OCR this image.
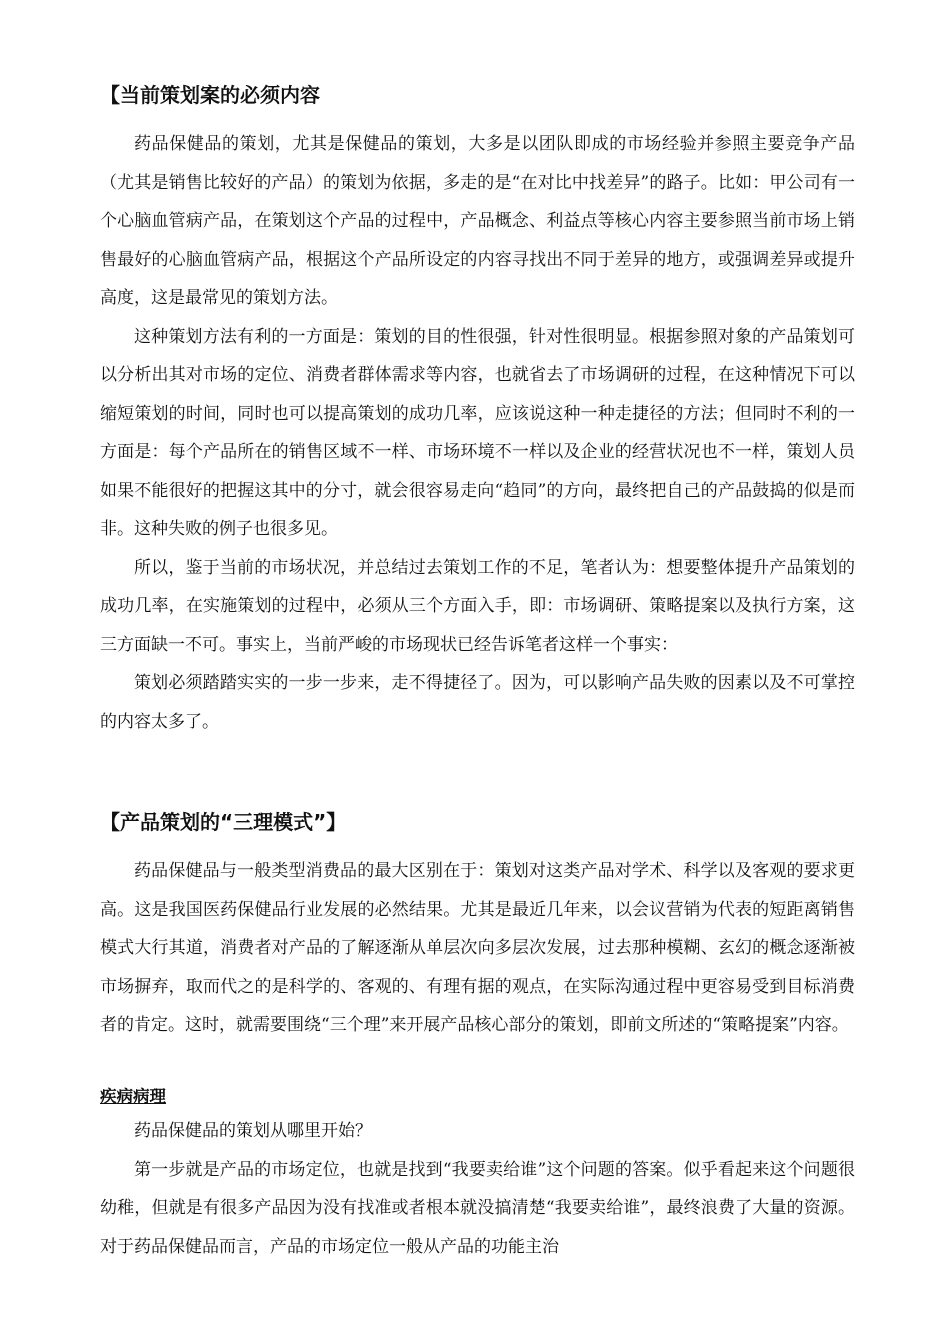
【当前策划案的必须内容

药品保健品的策划，尤其是保健品的策划，大多是以团队即成的市场经验并参照主要竞争产品（尤其是销售比较好的产品）的策划为依据，多走的是“在对比中找差异”的路子。比如：甲公司有一个心脑血管病产品，在策划这个产品的过程中，产品概念、利益点等核心内容主要参照当前市场上销售最好的心脑血管病产品，根据这个产品所设定的内容寻找出不同于差异的地方，或强调差异或提升高度，这是最常见的策划方法。

这种策划方法有利的一方面是：策划的目的性很强，针对性很明显。根据参照对象的产品策划可以分析出其对市场的定位、消费者群体需求等内容，也就省去了市场调研的过程，在这种情况下可以缩短策划的时间，同时也可以提高策划的成功几率，应该说这种一种走捷径的方法；但同时不利的一方面是：每个产品所在的销售区域不一样、市场环境不一样以及企业的经营状况也不一样，策划人员如果不能很好的把握这其中的分寸，就会很容易走向“趋同”的方向，最终把自己的产品鼓捣的似是而非。这种失败的例子也很多见。

所以，鉴于当前的市场状况，并总结过去策划工作的不足，笔者认为：想要整体提升产品策划的成功几率，在实施策划的过程中，必须从三个方面入手，即：市场调研、策略提案以及执行方案，这三方面缺一不可。事实上，当前严峻的市场现状已经告诉笔者这样一个事实：

策划必须踏踏实实的一步一步来，走不得捷径了。因为，可以影响产品失败的因素以及不可掌控的内容太多了。

【产品策划的“三理模式”】

药品保健品与一般类型消费品的最大区别在于：策划对这类产品对学术、科学以及客观的要求更高。这是我国医药保健品行业发展的必然结果。尤其是最近几年来，以会议营销为代表的短距离销售模式大行其道，消费者对产品的了解逐渐从单层次向多层次发展，过去那种模糊、玄幻的概念逐渐被市场摒弃，取而代之的是科学的、客观的、有理有据的观点，在实际沟通过程中更容易受到目标消费者的肯定。这时，就需要围绕“三个理”来开展产品核心部分的策划，即前文所述的“策略提案”内容。

疾病病理

药品保健品的策划从哪里开始？

第一步就是产品的市场定位，也就是找到“我要卖给谁”这个问题的答案。似乎看起来这个问题很幼稚，但就是有很多产品因为没有找准或者根本就没搞清楚“我要卖给谁”，最终浪费了大量的资源。对于药品保健品而言，产品的市场定位一般从产品的功能主治
